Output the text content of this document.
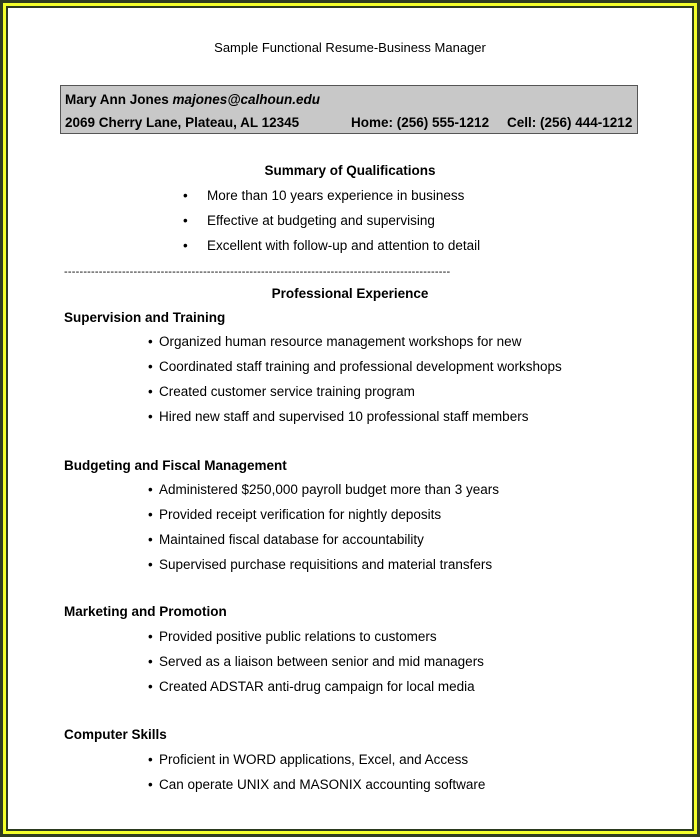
Sample Functional Resume-Business Manager
Mary Ann Jones majones@calhoun.edu
2069 Cherry Lane, Plateau, AL 12345	Home: (256) 555-1212 Cell: (256) 444-1212
Summary of Qualifications
• More than 10 years experience in business
• Effective at budgeting and supervising
• Excellent with follow-up and attention to detail
----------------------------------------------------------------------------------------------------
Professional Experience
Supervision and Training
• Organized human resource management workshops for new
• Coordinated staff training and professional development workshops
• Created customer service training program
• Hired new staff and supervised 10 professional staff members
Budgeting and Fiscal Management
• Administered $250,000 payroll budget more than 3 years
• Provided receipt verification for nightly deposits
• Maintained fiscal database for accountability
• Supervised purchase requisitions and material transfers
Marketing and Promotion
• Provided positive public relations to customers
• Served as a liaison between senior and mid managers
• Created ADSTAR anti-drug campaign for local media
Computer Skills
• Proficient in WORD applications, Excel, and Access
• Can operate UNIX and MASONIX accounting software
